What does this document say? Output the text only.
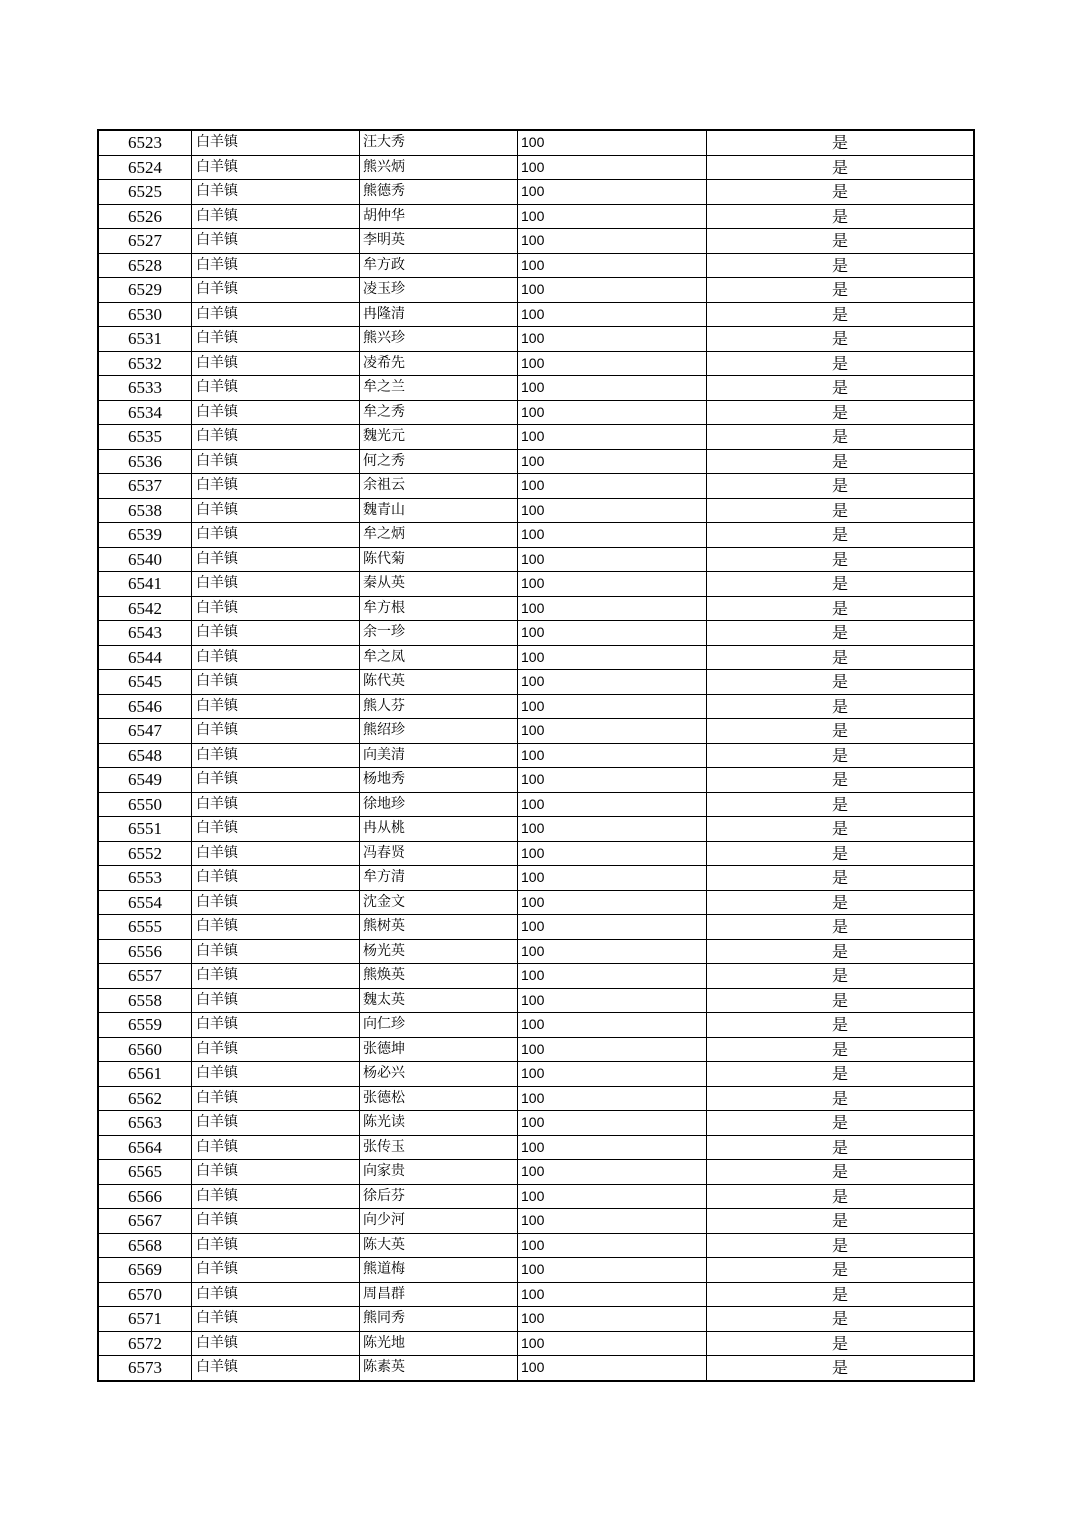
6523	白羊镇	汪大秀	100	是
6524	白羊镇	熊兴炳	100	是
6525	白羊镇	熊德秀	100	是
6526	白羊镇	胡仲华	100	是
6527	白羊镇	李明英	100	是
6528	白羊镇	牟方政	100	是
6529	白羊镇	凌玉珍	100	是
6530	白羊镇	冉隆清	100	是
6531	白羊镇	熊兴珍	100	是
6532	白羊镇	凌希先	100	是
6533	白羊镇	牟之兰	100	是
6534	白羊镇	牟之秀	100	是
6535	白羊镇	魏光元	100	是
6536	白羊镇	何之秀	100	是
6537	白羊镇	余祖云	100	是
6538	白羊镇	魏青山	100	是
6539	白羊镇	牟之炳	100	是
6540	白羊镇	陈代菊	100	是
6541	白羊镇	秦从英	100	是
6542	白羊镇	牟方根	100	是
6543	白羊镇	余一珍	100	是
6544	白羊镇	牟之凤	100	是
6545	白羊镇	陈代英	100	是
6546	白羊镇	熊人芬	100	是
6547	白羊镇	熊绍珍	100	是
6548	白羊镇	向美清	100	是
6549	白羊镇	杨地秀	100	是
6550	白羊镇	徐地珍	100	是
6551	白羊镇	冉从桃	100	是
6552	白羊镇	冯春贤	100	是
6553	白羊镇	牟方清	100	是
6554	白羊镇	沈金文	100	是
6555	白羊镇	熊树英	100	是
6556	白羊镇	杨光英	100	是
6557	白羊镇	熊焕英	100	是
6558	白羊镇	魏太英	100	是
6559	白羊镇	向仁珍	100	是
6560	白羊镇	张德坤	100	是
6561	白羊镇	杨必兴	100	是
6562	白羊镇	张德松	100	是
6563	白羊镇	陈光读	100	是
6564	白羊镇	张传玉	100	是
6565	白羊镇	向家贵	100	是
6566	白羊镇	徐后芬	100	是
6567	白羊镇	向少河	100	是
6568	白羊镇	陈大英	100	是
6569	白羊镇	熊道梅	100	是
6570	白羊镇	周昌群	100	是
6571	白羊镇	熊同秀	100	是
6572	白羊镇	陈光地	100	是
6573	白羊镇	陈素英	100	是
